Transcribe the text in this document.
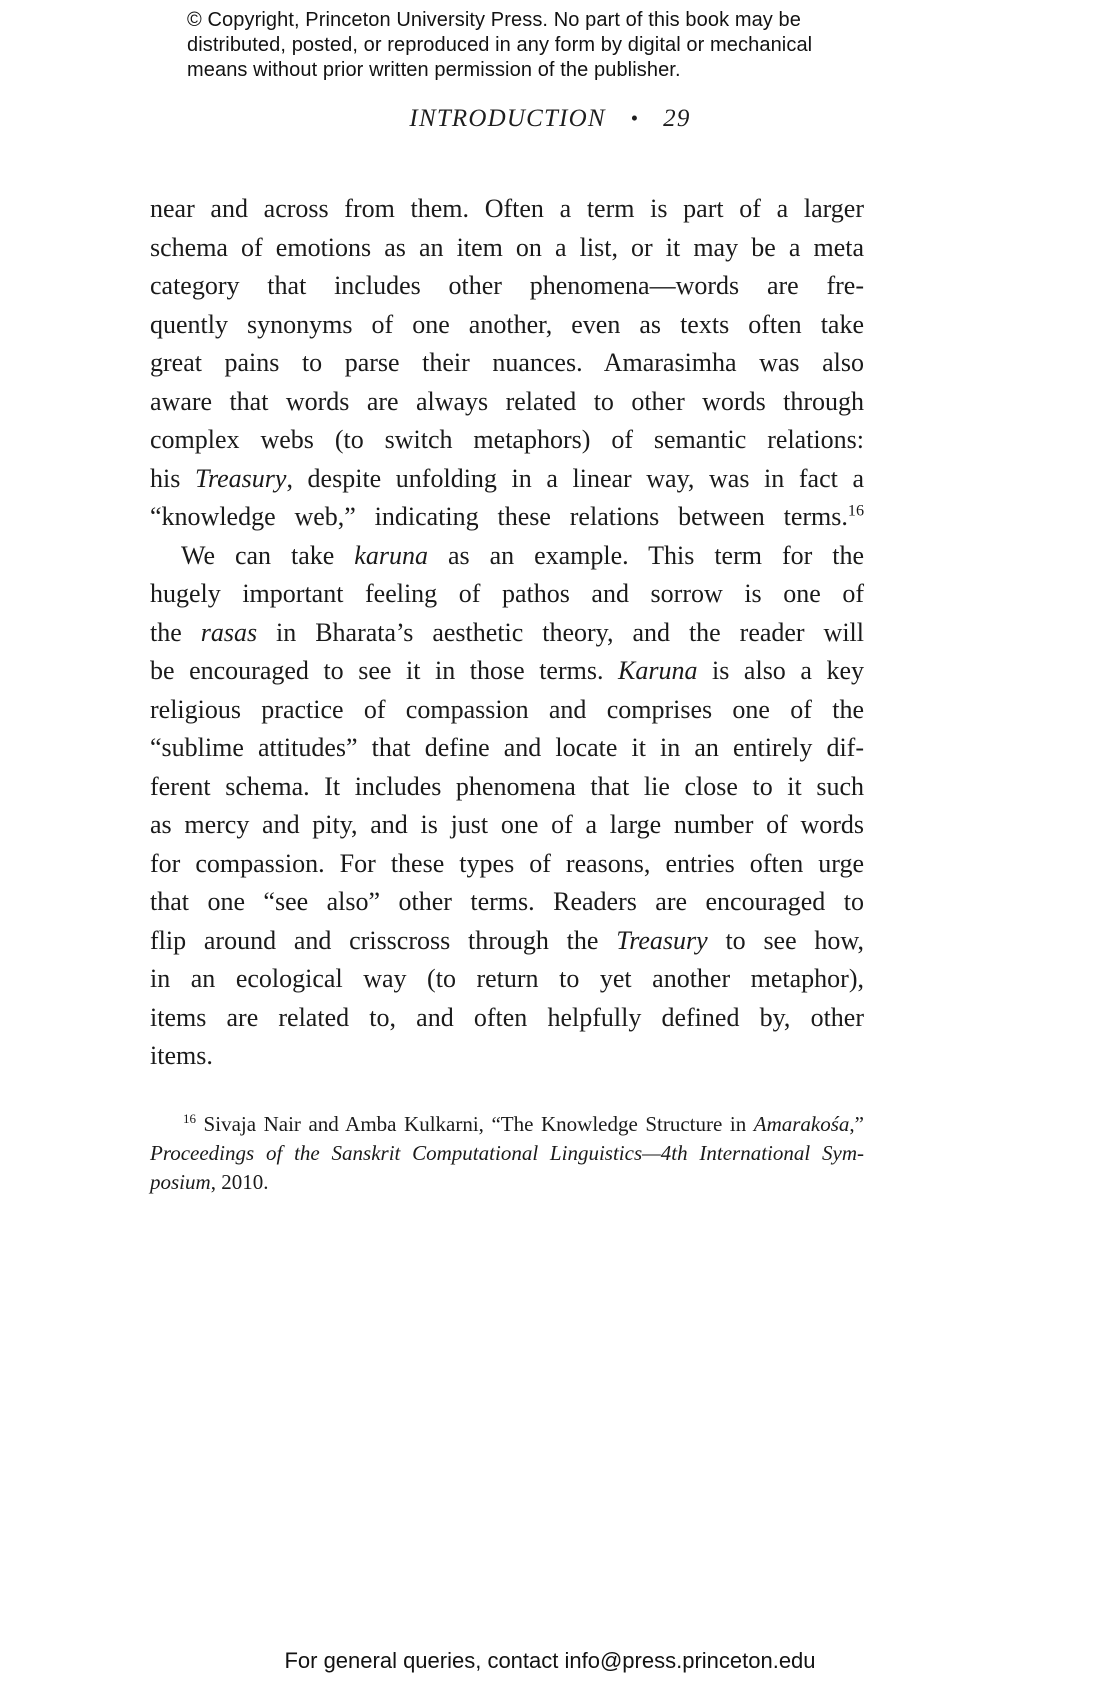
© Copyright, Princeton University Press. No part of this book may be
distributed, posted, or reproduced in any form by digital or mechanical
means without prior written permission of the publisher.
INTRODUCTION • 29
near and across from them. Often a term is part of a larger
schema of emotions as an item on a list, or it may be a meta
category that includes other phenomena—words are fre-
quently synonyms of one another, even as texts often take
great pains to parse their nuances. Amarasimha was also
aware that words are always related to other words through
complex webs (to switch metaphors) of semantic relations:
his Treasury, despite unfolding in a linear way, was in fact a
“knowledge web,” indicating these relations between terms.$^{16}$
We can take karuna as an example. This term for the
hugely important feeling of pathos and sorrow is one of
the rasas in Bharata’s aesthetic theory, and the reader will
be encouraged to see it in those terms. Karuna is also a key
religious practice of compassion and comprises one of the
“sublime attitudes” that define and locate it in an entirely dif-
ferent schema. It includes phenomena that lie close to it such
as mercy and pity, and is just one of a large number of words
for compassion. For these types of reasons, entries often urge
that one “see also” other terms. Readers are encouraged to
flip around and crisscross through the Treasury to see how,
in an ecological way (to return to yet another metaphor),
items are related to, and often helpfully defined by, other
items.
$^{16}$ Sivaja Nair and Amba Kulkarni, “The Knowledge Structure in Amarakośa,”
Proceedings of the Sanskrit Computational Linguistics—4th International Sym-
posium, 2010.
For general queries, contact info@press.princeton.edu
